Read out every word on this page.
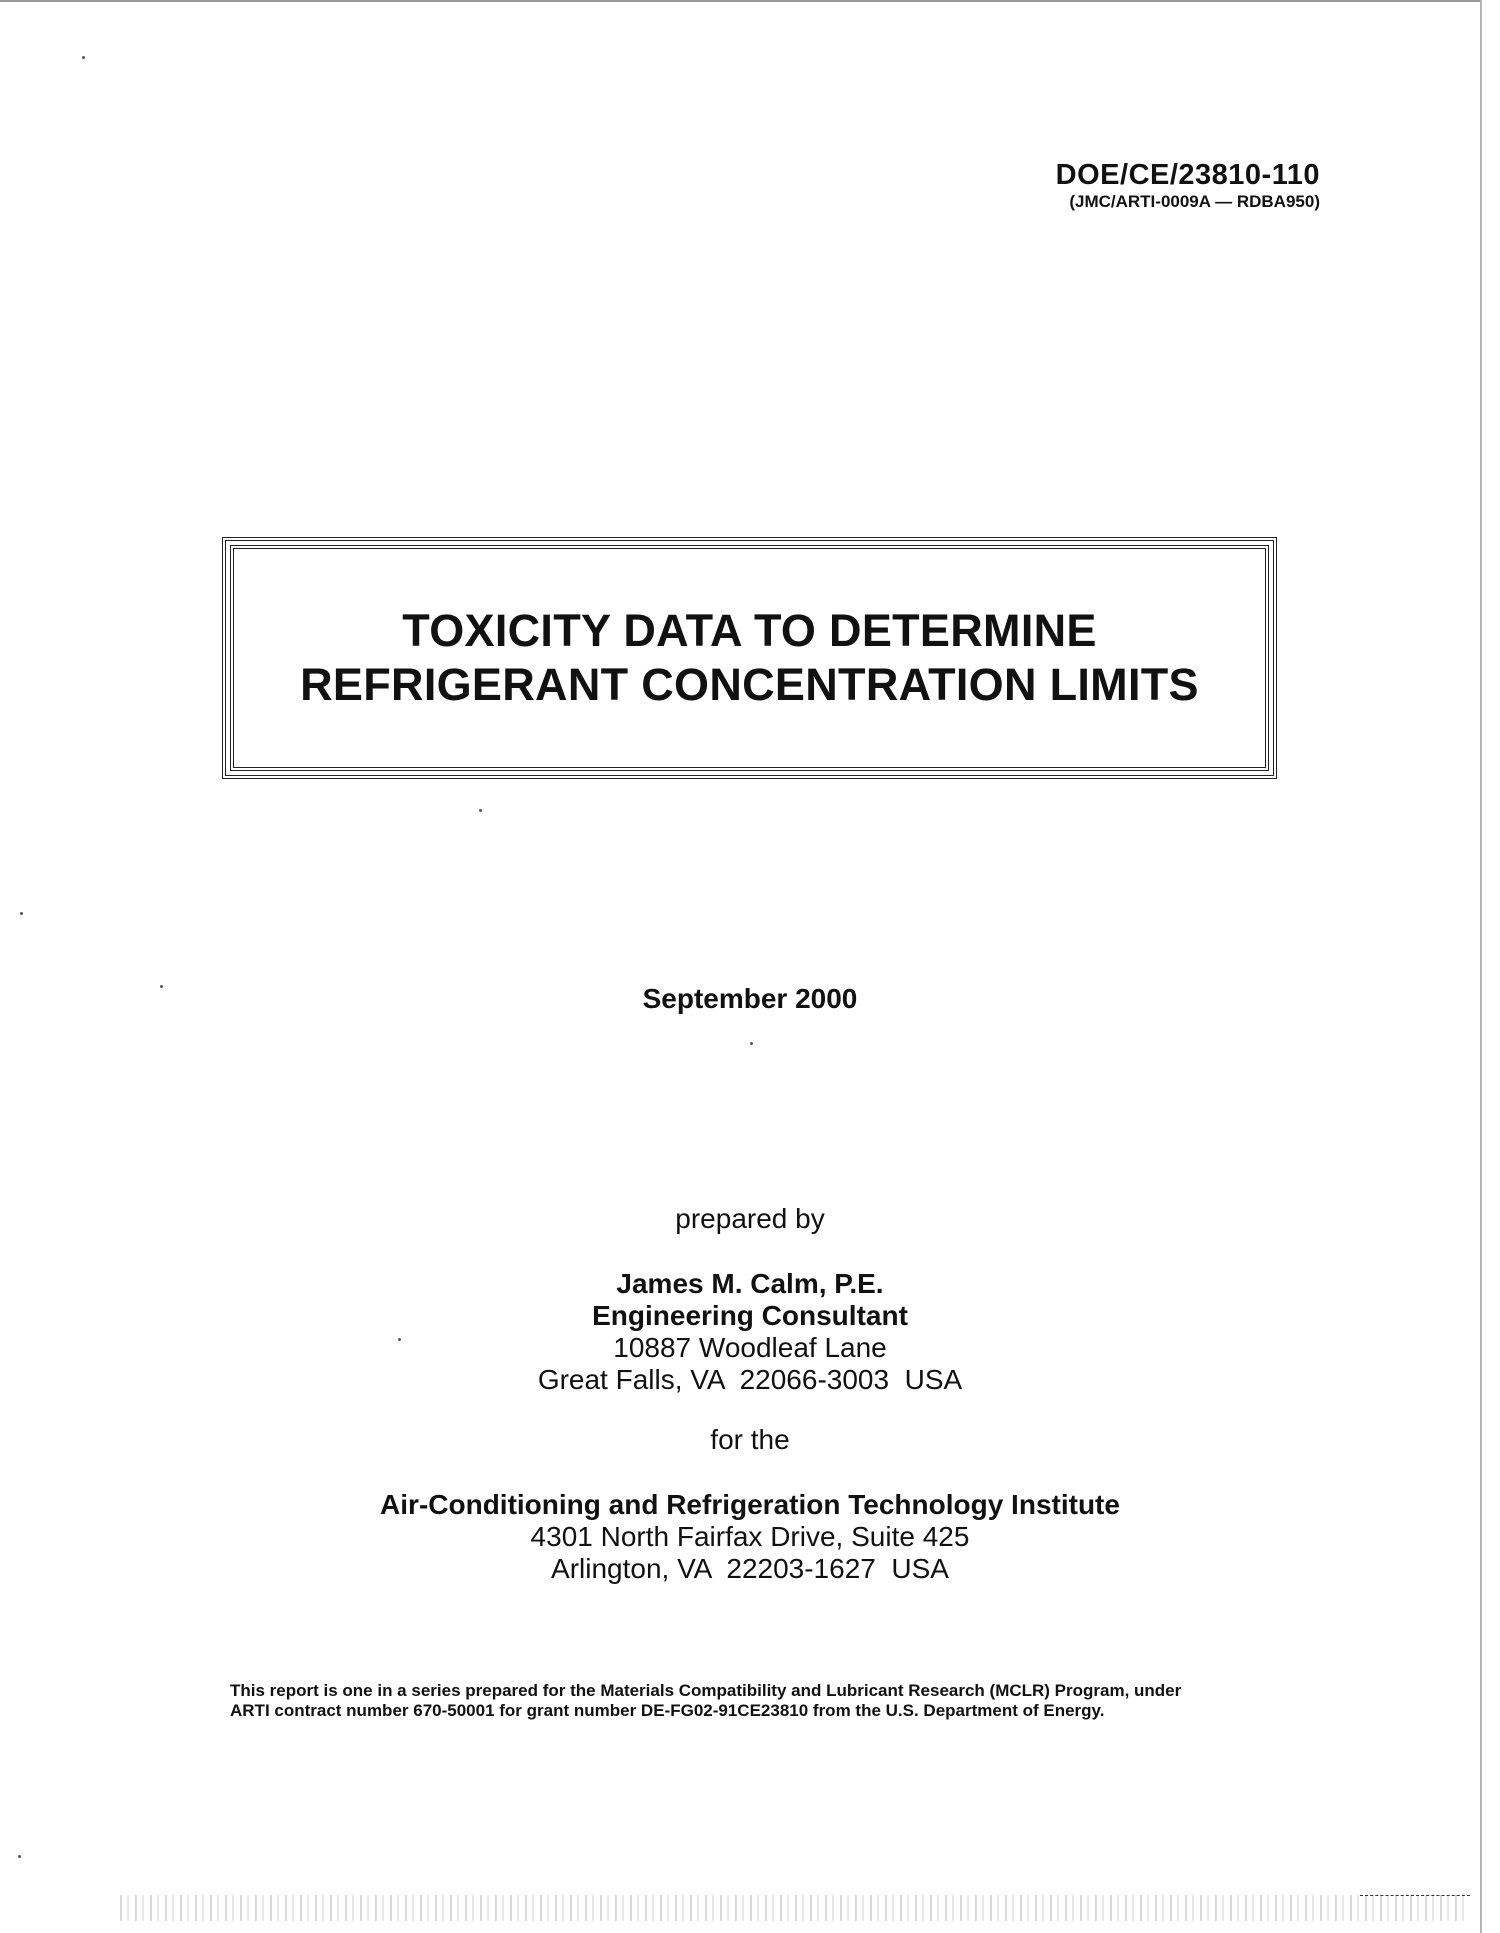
DOE/CE/23810-110
(JMC/ARTI-0009A — RDBA950)
TOXICITY DATA TO DETERMINE
REFRIGERANT CONCENTRATION LIMITS
September 2000
prepared by
James M. Calm, P.E.
Engineering Consultant
10887 Woodleaf Lane
Great Falls, VA  22066-3003  USA
for the
Air-Conditioning and Refrigeration Technology Institute
4301 North Fairfax Drive, Suite 425
Arlington, VA  22203-1627  USA
This report is one in a series prepared for the Materials Compatibility and Lubricant Research (MCLR) Program, under
ARTI contract number 670-50001 for grant number DE-FG02-91CE23810 from the U.S. Department of Energy.
